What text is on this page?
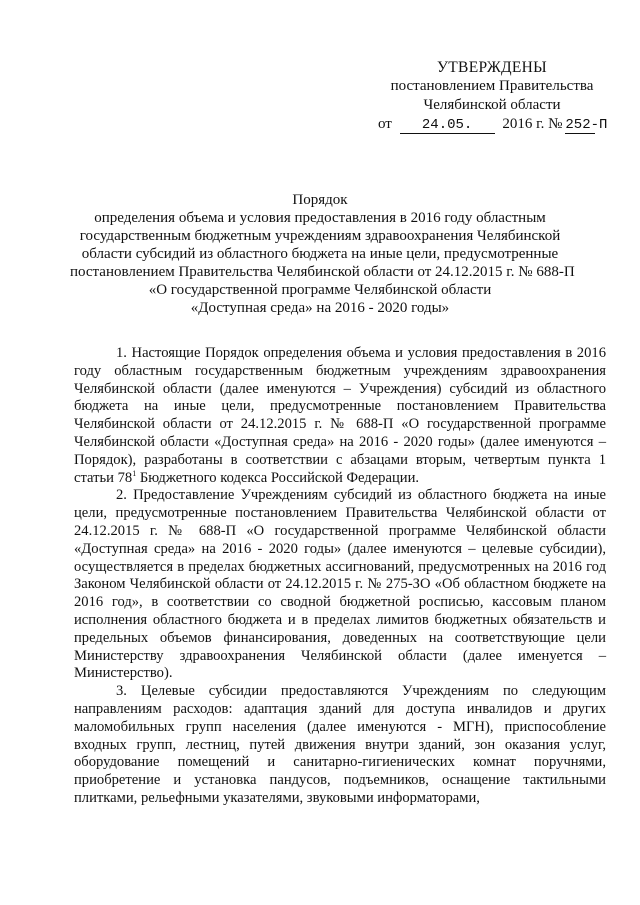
УТВЕРЖДЕНЫ
постановлением Правительства
Челябинской области
от 24.05. 2016 г. № 252-П
Порядок
определения объема и условия предоставления в 2016 году областным
государственным бюджетным учреждениям здравоохранения Челябинской
области субсидий из областного бюджета на иные цели, предусмотренные
постановлением Правительства Челябинской области от 24.12.2015 г. № 688-П
«О государственной программе Челябинской области
«Доступная среда» на 2016 - 2020 годы»

1. Настоящие Порядок определения объема и условия предоставления в 2016 году областным государственным бюджетным учреждениям здравоохранения Челябинской области (далее именуются – Учреждения) субсидий из областного бюджета на иные цели, предусмотренные постановлением Правительства Челябинской области от 24.12.2015 г. № 688-П «О государственной программе Челябинской области «Доступная среда» на 2016 - 2020 годы» (далее именуются – Порядок), разработаны в соответствии с абзацами вторым, четвертым пункта 1 статьи $78^1$ Бюджетного кодекса Российской Федерации.

2. Предоставление Учреждениям субсидий из областного бюджета на иные цели, предусмотренные постановлением Правительства Челябинской области от 24.12.2015 г. № 688-П «О государственной программе Челябинской области «Доступная среда» на 2016 - 2020 годы» (далее именуются – целевые субсидии), осуществляется в пределах бюджетных ассигнований, предусмотренных на 2016 год Законом Челябинской области от 24.12.2015 г. № 275-ЗО «Об областном бюджете на 2016 год», в соответствии со сводной бюджетной росписью, кассовым планом исполнения областного бюджета и в пределах лимитов бюджетных обязательств и предельных объемов финансирования, доведенных на соответствующие цели Министерству здравоохранения Челябинской области (далее именуется – Министерство).

3. Целевые субсидии предоставляются Учреждениям по следующим направлениям расходов: адаптация зданий для доступа инвалидов и других маломобильных групп населения (далее именуются - МГН), приспособление входных групп, лестниц, путей движения внутри зданий, зон оказания услуг, оборудование помещений и санитарно-гигиенических комнат поручнями, приобретение и установка пандусов, подъемников, оснащение тактильными плитками, рельефными указателями, звуковыми информаторами,
